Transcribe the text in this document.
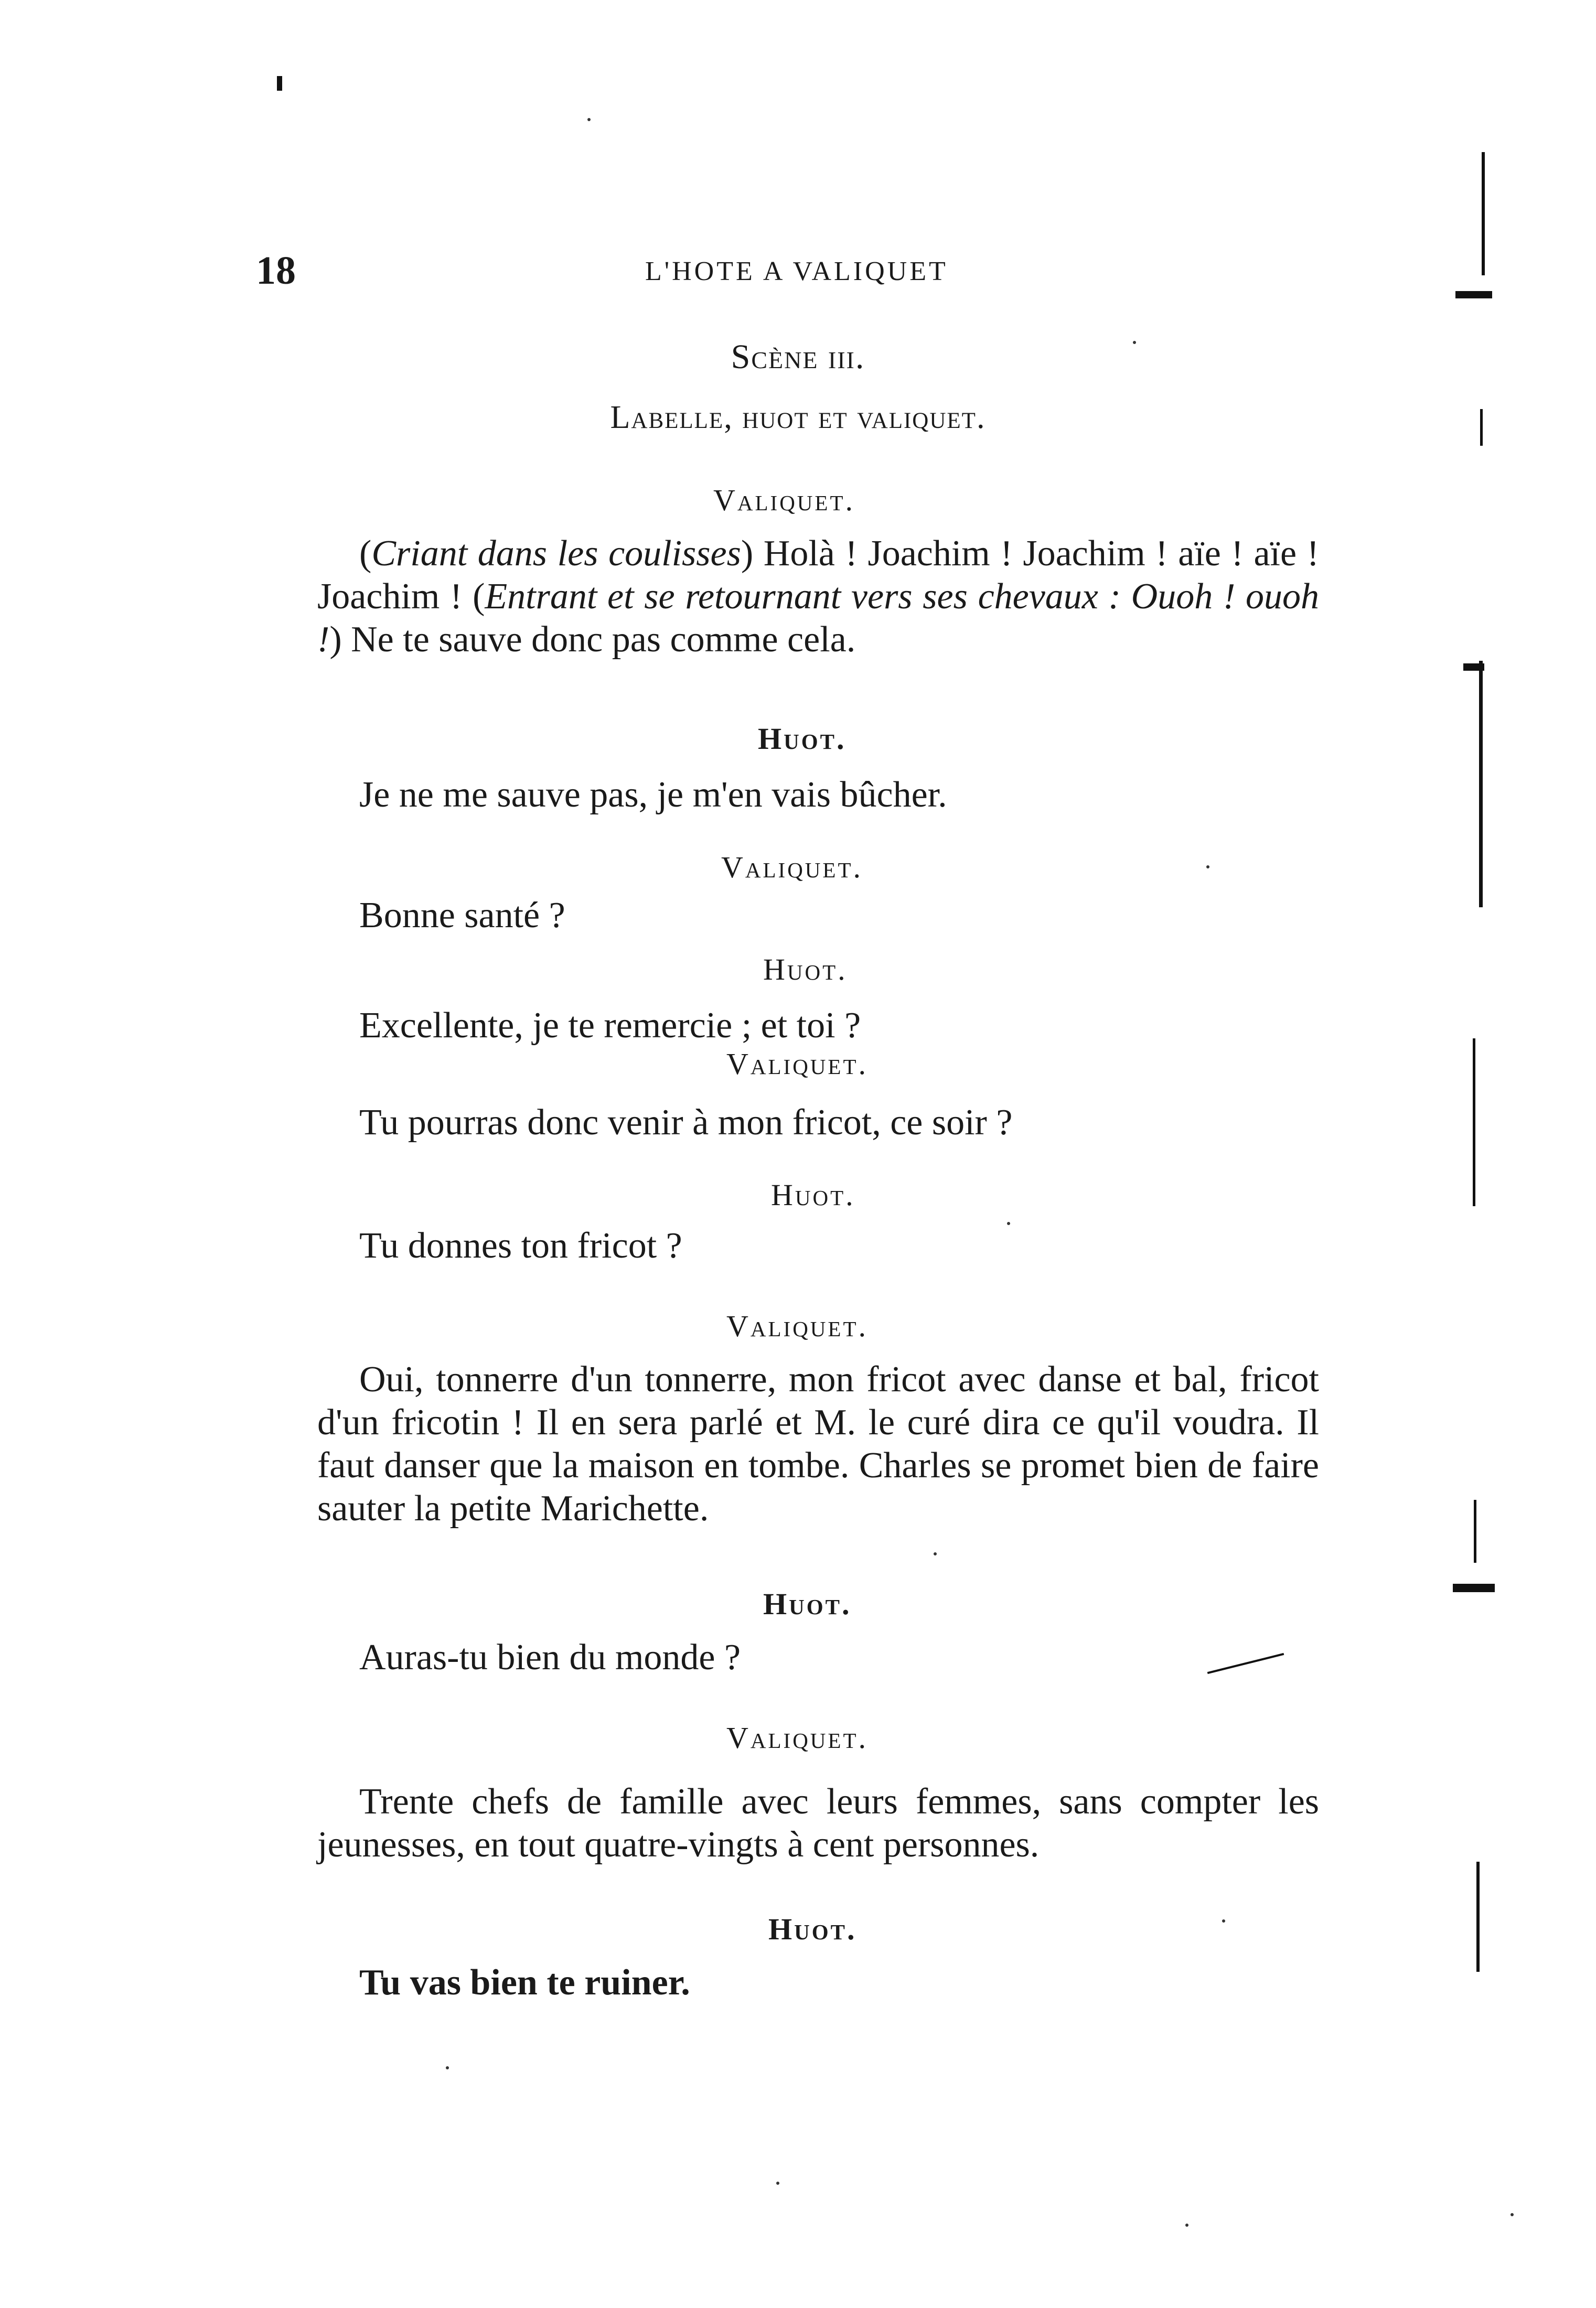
18	L'HOTE A VALIQUET
Scène iii.
Labelle, huot et valiquet.
Valiquet.
(Criant dans les coulisses) Holà ! Joachim ! Joachim ! aïe ! aïe ! Joachim ! (Entrant et se retournant vers ses chevaux : Ouoh ! ouoh !) Ne te sauve donc pas comme cela.
Huot.
Je ne me sauve pas, je m'en vais bûcher.
Valiquet.
Bonne santé ?
Huot.
Excellente, je te remercie ; et toi ?
Valiquet.
Tu pourras donc venir à mon fricot, ce soir ?
Huot.
Tu donnes ton fricot ?
Valiquet.
Oui, tonnerre d'un tonnerre, mon fricot avec danse et bal, fricot d'un fricotin ! Il en sera parlé et M. le curé dira ce qu'il voudra. Il faut danser que la maison en tombe. Charles se promet bien de faire sauter la petite Marichette.
Huot.
Auras-tu bien du monde ?
Valiquet.
Trente chefs de famille avec leurs femmes, sans compter les jeunesses, en tout quatre-vingts à cent personnes.
Huot.
Tu vas bien te ruiner.
